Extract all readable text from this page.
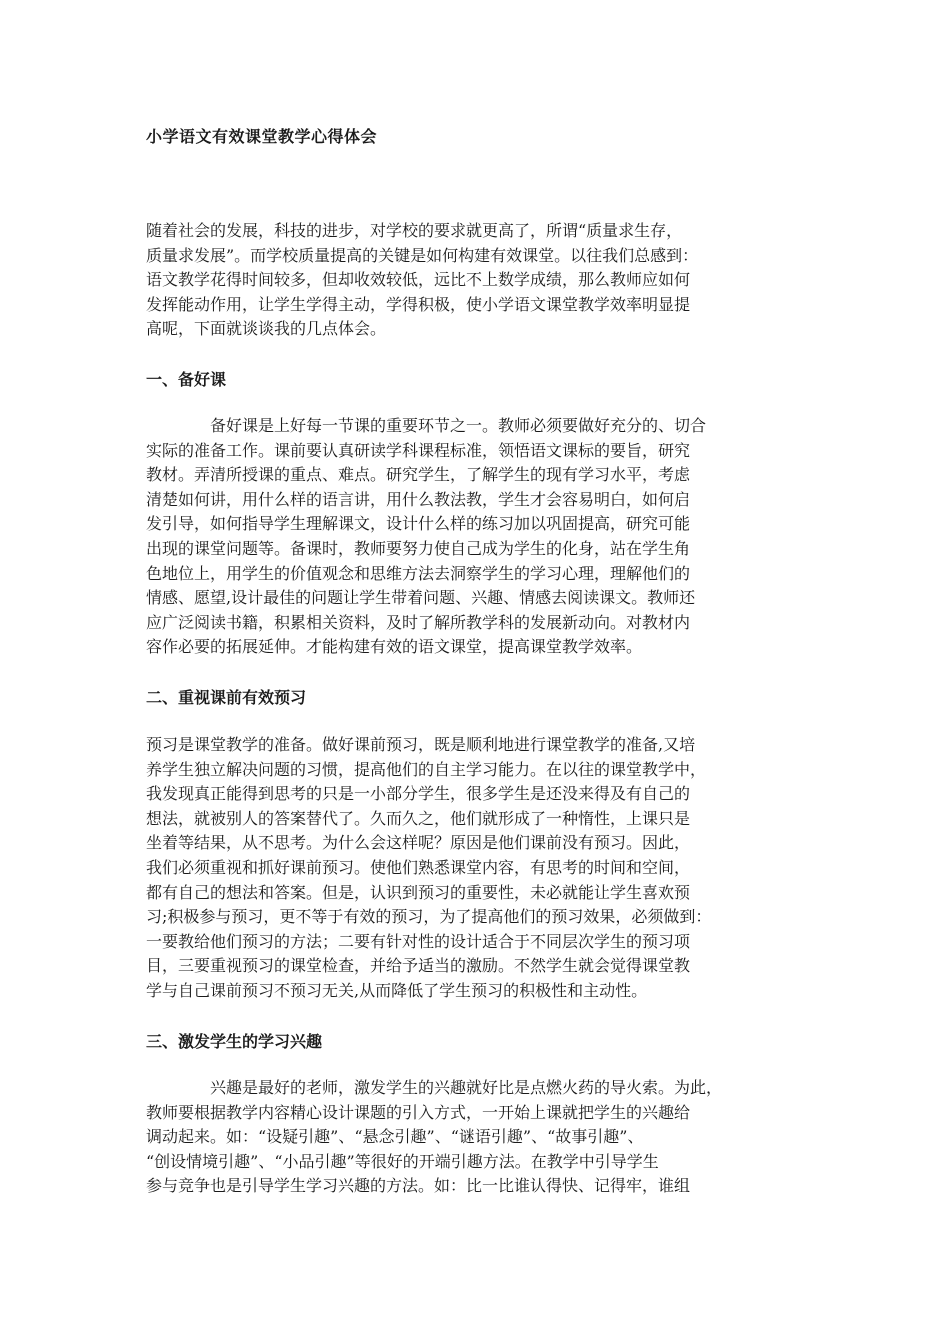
小学语文有效课堂教学心得体会

随着社会的发展，科技的进步，对学校的要求就更高了，所谓“质量求生存，
质量求发展”。而学校质量提高的关键是如何构建有效课堂。以往我们总感到：
语文教学花得时间较多，但却收效较低，远比不上数学成绩，那么教师应如何
发挥能动作用，让学生学得主动，学得积极，使小学语文课堂教学效率明显提
高呢，下面就谈谈我的几点体会。

一、备好课

备好课是上好每一节课的重要环节之一。教师必须要做好充分的、切合
实际的准备工作。课前要认真研读学科课程标准，领悟语文课标的要旨，研究
教材。弄清所授课的重点、难点。研究学生，了解学生的现有学习水平，考虑
清楚如何讲，用什么样的语言讲，用什么教法教，学生才会容易明白，如何启
发引导，如何指导学生理解课文，设计什么样的练习加以巩固提高，研究可能
出现的课堂问题等。备课时，教师要努力使自己成为学生的化身，站在学生角
色地位上，用学生的价值观念和思维方法去洞察学生的学习心理，理解他们的
情感、愿望,设计最佳的问题让学生带着问题、兴趣、情感去阅读课文。教师还
应广泛阅读书籍，积累相关资料，及时了解所教学科的发展新动向。对教材内
容作必要的拓展延伸。才能构建有效的语文课堂，提高课堂教学效率。

二、重视课前有效预习

预习是课堂教学的准备。做好课前预习，既是顺利地进行课堂教学的准备,又培
养学生独立解决问题的习惯，提高他们的自主学习能力。在以往的课堂教学中，
我发现真正能得到思考的只是一小部分学生，很多学生是还没来得及有自己的
想法，就被别人的答案替代了。久而久之，他们就形成了一种惰性，上课只是
坐着等结果，从不思考。为什么会这样呢？原因是他们课前没有预习。因此，
我们必须重视和抓好课前预习。使他们熟悉课堂内容，有思考的时间和空间，
都有自己的想法和答案。但是，认识到预习的重要性，未必就能让学生喜欢预
习;积极参与预习，更不等于有效的预习，为了提高他们的预习效果，必须做到：
一要教给他们预习的方法；二要有针对性的设计适合于不同层次学生的预习项
目，三要重视预习的课堂检查，并给予适当的激励。不然学生就会觉得课堂教
学与自己课前预习不预习无关,从而降低了学生预习的积极性和主动性。

三、激发学生的学习兴趣

兴趣是最好的老师，激发学生的兴趣就好比是点燃火药的导火索。为此，
教师要根据教学内容精心设计课题的引入方式，一开始上课就把学生的兴趣给
调动起来。如：“设疑引趣”、“悬念引趣”、“谜语引趣”、“故事引趣”、
“创设情境引趣”、“小品引趣”等很好的开端引趣方法。在教学中引导学生
参与竞争也是引导学生学习兴趣的方法。如：比一比谁认得快、记得牢，谁组
